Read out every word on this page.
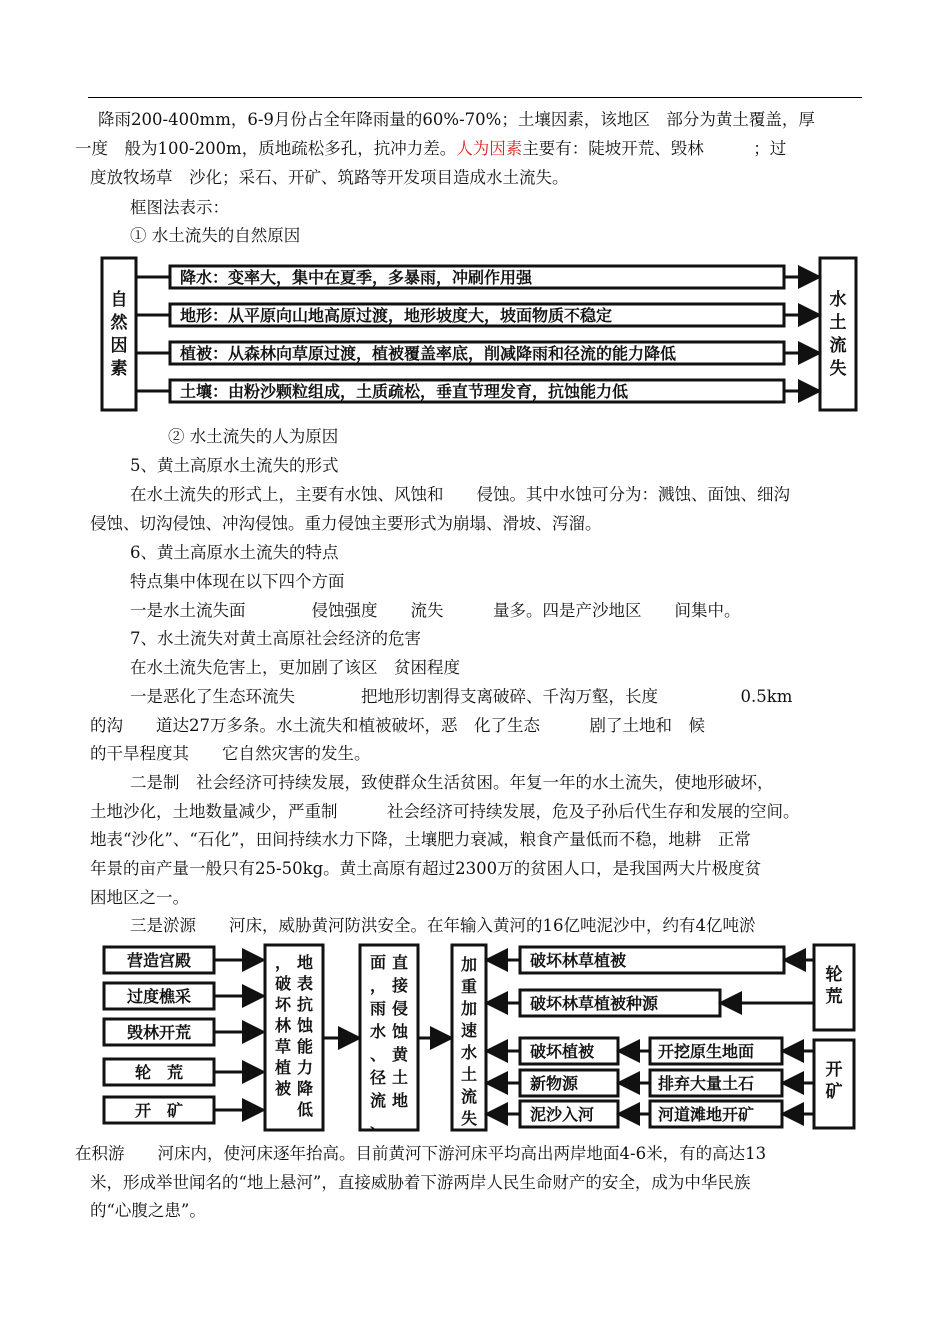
降雨200-400mm，6-9月份占全年降雨量的60%-70%；土壤因素，该地区　部分为黄土覆盖，厚
一度　般为100-200m，质地疏松多孔，抗冲力差。人为因素主要有：陡坡开荒、毁林　　　；过
度放牧场草　沙化；采石、开矿、筑路等开发项目造成水土流失。
框图法表示：
① 水土流失的自然原因
自
然
因
素
水
土
流
失
降水：变率大，集中在夏季，多暴雨，冲刷作用强
地形：从平原向山地高原过渡，地形坡度大，坡面物质不稳定
植被：从森林向草原过渡，植被覆盖率底，削减降雨和径流的能力降低
土壤：由粉沙颗粒组成，土质疏松，垂直节理发育，抗蚀能力低
② 水土流失的人为原因
5、黄土高原水土流失的形式
在水土流失的形式上，主要有水蚀、风蚀和　　侵蚀。其中水蚀可分为：溅蚀、面蚀、细沟
侵蚀、切沟侵蚀、冲沟侵蚀。重力侵蚀主要形式为崩塌、滑坡、泻溜。
6、黄土高原水土流失的特点
特点集中体现在以下四个方面
一是水土流失面　　　　侵蚀强度　　流失　　　量多。四是产沙地区　　间集中。
7、水土流失对黄土高原社会经济的危害
在水土流失危害上，更加剧了该区　贫困程度
一是恶化了生态环流失　　　　把地形切割得支离破碎、千沟万壑，长度　　　　　0.5km
的沟　　道达27万多条。水土流失和植被破坏，恶　化了生态　　　剧了土地和　候
的干旱程度其　　它自然灾害的发生。
二是制　社会经济可持续发展，致使群众生活贫困。年复一年的水土流失，使地形破坏，
土地沙化，土地数量减少，严重制　　　社会经济可持续发展，危及子孙后代生存和发展的空间。
地表“沙化”、“石化”，田间持续水力下降，土壤肥力衰减，粮食产量低而不稳，地耕　正常
年景的亩产量一般只有25-50kg。黄土高原有超过2300万的贫困人口，是我国两大片极度贫
困地区之一。
三是淤源　　河床，威胁黄河防洪安全。在年输入黄河的16亿吨泥沙中，约有4亿吨淤
营造宫殿
过度樵采
毁林开荒
轮　荒
开　矿
地
表
抗
蚀
能
力
降
低
，
破
坏
林
草
植
被
直
接
侵
蚀
黄
土
地
面
，
雨
水
、
径
流
、
加
重
加
速
水
土
流
失
破坏林草植被
破坏林草植被种源
破坏植被
新物源
泥沙入河
开挖原生地面
排弃大量土石
河道滩地开矿
轮
荒
开
矿
在积游　　河床内，使河床逐年抬高。目前黄河下游河床平均高出两岸地面4-6米，有的高达13
米，形成举世闻名的“地上悬河”，直接威胁着下游两岸人民生命财产的安全，成为中华民族
的“心腹之患”。
